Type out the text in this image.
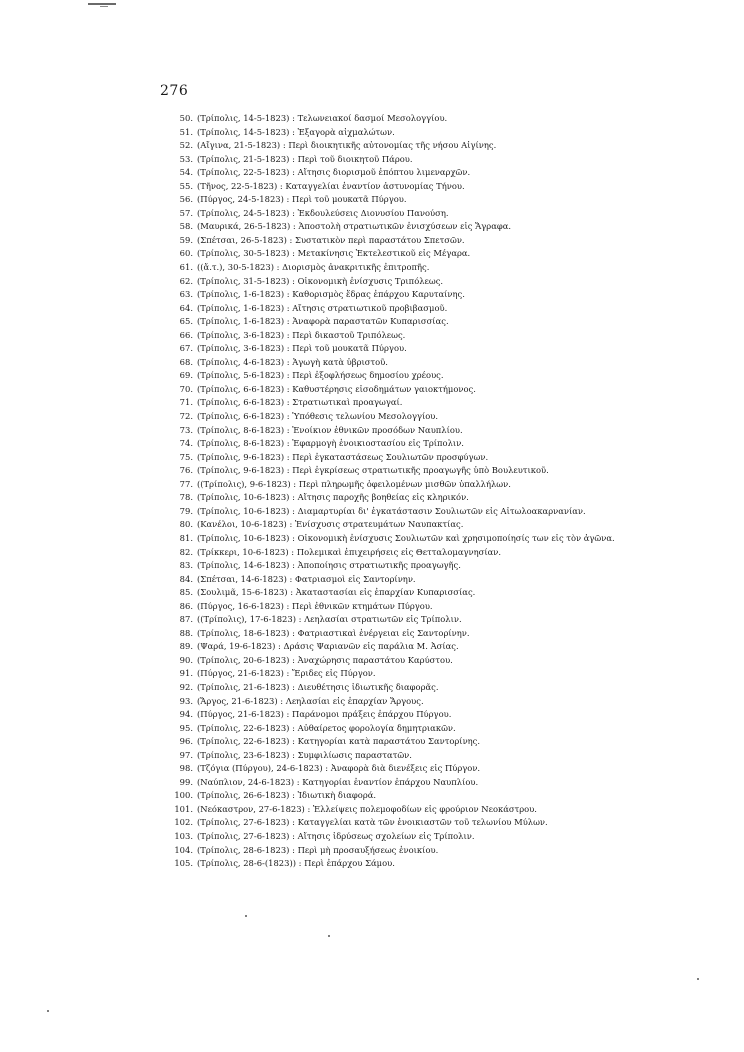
276
50. (Τρίπολις, 14-5-1823) : Τελωνειακοί δασμοί Μεσολογγίου.
51. (Τρίπολις, 14-5-1823) : Ἐξαγορὰ αἰχμαλώτων.
52. (Αἴγινα, 21-5-1823) : Περὶ διοικητικῆς αὐτονομίας τῆς νήσου Αἰγίνης.
53. (Τρίπολις, 21-5-1823) : Περὶ τοῦ διοικητοῦ Πάρου.
54. (Τρίπολις, 22-5-1823) : Αἴτησις διορισμοῦ ἐπόπτου λιμεναρχῶν.
55. (Τῆνος, 22-5-1823) : Καταγγελίαι ἐναντίον ἀστυνομίας Τήνου.
56. (Πύργος, 24-5-1823) : Περὶ τοῦ μουκατᾶ Πύργου.
57. (Τρίπολις, 24-5-1823) : Ἐκδουλεύσεις Διονυσίου Πανούση.
58. (Μαυρικά, 26-5-1823) : Ἀποστολὴ στρατιωτικῶν ἐνισχύσεων εἰς Ἄγραφα.
59. (Σπέτσαι, 26-5-1823) : Συστατικὸν περὶ παραστάτου Σπετσῶν.
60. (Τρίπολις, 30-5-1823) : Μετακίνησις Ἐκτελεστικοῦ εἰς Μέγαρα.
61. ((ἄ.τ.), 30-5-1823) : Διορισμὸς ἀνακριτικῆς ἐπιτροπῆς.
62. (Τρίπολις, 31-5-1823) : Οἰκονομικὴ ἐνίσχυσις Τριπόλεως.
63. (Τρίπολις, 1-6-1823) : Καθορισμὸς ἕδρας ἐπάρχου Καρυταίνης.
64. (Τρίπολις, 1-6-1823) : Αἴτησις στρατιωτικοῦ προβιβασμοῦ.
65. (Τρίπολις, 1-6-1823) : Ἀναφορὰ παραστατῶν Κυπαρισσίας.
66. (Τρίπολις, 3-6-1823) : Περὶ δικαστοῦ Τριπόλεως.
67. (Τρίπολις, 3-6-1823) : Περὶ τοῦ μουκατᾶ Πύργου.
68. (Τρίπολις, 4-6-1823) : Ἀγωγὴ κατὰ ὑβριστοῦ.
69. (Τρίπολις, 5-6-1823) : Περὶ ἐξοφλήσεως δημοσίου χρέους.
70. (Τρίπολις, 6-6-1823) : Καθυστέρησις εἰσοδημάτων γαιοκτήμονος.
71. (Τρίπολις, 6-6-1823) : Στρατιωτικαὶ προαγωγαί.
72. (Τρίπολις, 6-6-1823) : Ὑπόθεσις τελωνίου Μεσολογγίου.
73. (Τρίπολις, 8-6-1823) : Ἐνοίκιον ἐθνικῶν προσόδων Ναυπλίου.
74. (Τρίπολις, 8-6-1823) : Ἐφαρμογὴ ἐνοικιοστασίου εἰς Τρίπολιν.
75. (Τρίπολις, 9-6-1823) : Περὶ ἐγκαταστάσεως Σουλιωτῶν προσφύγων.
76. (Τρίπολις, 9-6-1823) : Περὶ ἐγκρίσεως στρατιωτικῆς προαγωγῆς ὑπὸ Βουλευτικοῦ.
77. ((Τρίπολις), 9-6-1823) : Περὶ πληρωμῆς ὀφειλομένων μισθῶν ὑπαλλήλων.
78. (Τρίπολις, 10-6-1823) : Αἴτησις παροχῆς βοηθείας εἰς κληρικόν.
79. (Τρίπολις, 10-6-1823) : Διαμαρτυρίαι δι' ἐγκατάστασιν Σουλιωτῶν εἰς Αἰτωλοακαρνανίαν.
80. (Κανέλοι, 10-6-1823) : Ἐνίσχυσις στρατευμάτων Ναυπακτίας.
81. (Τρίπολις, 10-6-1823) : Οἰκονομικὴ ἐνίσχυσις Σουλιωτῶν καὶ χρησιμοποίησίς των εἰς τὸν ἀγῶνα.
82. (Τρίκκερι, 10-6-1823) : Πολεμικαὶ ἐπιχειρήσεις εἰς Θετταλομαγνησίαν.
83. (Τρίπολις, 14-6-1823) : Ἀποποίησις στρατιωτικῆς προαγωγῆς.
84. (Σπέτσαι, 14-6-1823) : Φατριασμοὶ εἰς Σαντορίνην.
85. (Σουλιμᾶ, 15-6-1823) : Ἀκαταστασίαι εἰς ἐπαρχίαν Κυπαρισσίας.
86. (Πύργος, 16-6-1823) : Περὶ ἐθνικῶν κτημάτων Πύργου.
87. ((Τρίπολις), 17-6-1823) : Λεηλασίαι στρατιωτῶν εἰς Τρίπολιν.
88. (Τρίπολις, 18-6-1823) : Φατριαστικαὶ ἐνέργειαι εἰς Σαντορίνην.
89. (Ψαρά, 19-6-1823) : Δράσις Ψαριανῶν εἰς παράλια Μ. Ἀσίας.
90. (Τρίπολις, 20-6-1823) : Ἀναχώρησις παραστάτου Καρύστου.
91. (Πύργος, 21-6-1823) : Ἔριδες εἰς Πύργον.
92. (Τρίπολις, 21-6-1823) : Διευθέτησις ἰδιωτικῆς διαφορᾶς.
93. (Ἄργος, 21-6-1823) : Λεηλασίαι εἰς ἐπαρχίαν Ἄργους.
94. (Πύργος, 21-6-1823) : Παράνομοι πράξεις ἐπάρχου Πύργου.
95. (Τρίπολις, 22-6-1823) : Αὐθαίρετος φορολογία δημητριακῶν.
96. (Τρίπολις, 22-6-1823) : Κατηγορίαι κατὰ παραστάτου Σαντορίνης.
97. (Τρίπολις, 23-6-1823) : Συμφιλίωσις παραστατῶν.
98. (Τζόγια (Πύργου), 24-6-1823) : Ἀναφορὰ διὰ διενέξεις εἰς Πύργον.
99. (Ναύπλιον, 24-6-1823) : Κατηγορίαι ἐναντίον ἐπάρχου Ναυπλίου.
100. (Τρίπολις, 26-6-1823) : Ἰδιωτικὴ διαφορά.
101. (Νεόκαστρον, 27-6-1823) : Ἐλλείψεις πολεμοφοδίων εἰς φρούριον Νεοκάστρου.
102. (Τρίπολις, 27-6-1823) : Καταγγελίαι κατὰ τῶν ἐνοικιαστῶν τοῦ τελωνίου Μύλων.
103. (Τρίπολις, 27-6-1823) : Αἴτησις ἱδρύσεως σχολείων εἰς Τρίπολιν.
104. (Τρίπολις, 28-6-1823) : Περὶ μὴ προσαυξήσεως ἐνοικίου.
105. (Τρίπολις, 28-6-(1823)) : Περὶ ἐπάρχου Σάμου.
